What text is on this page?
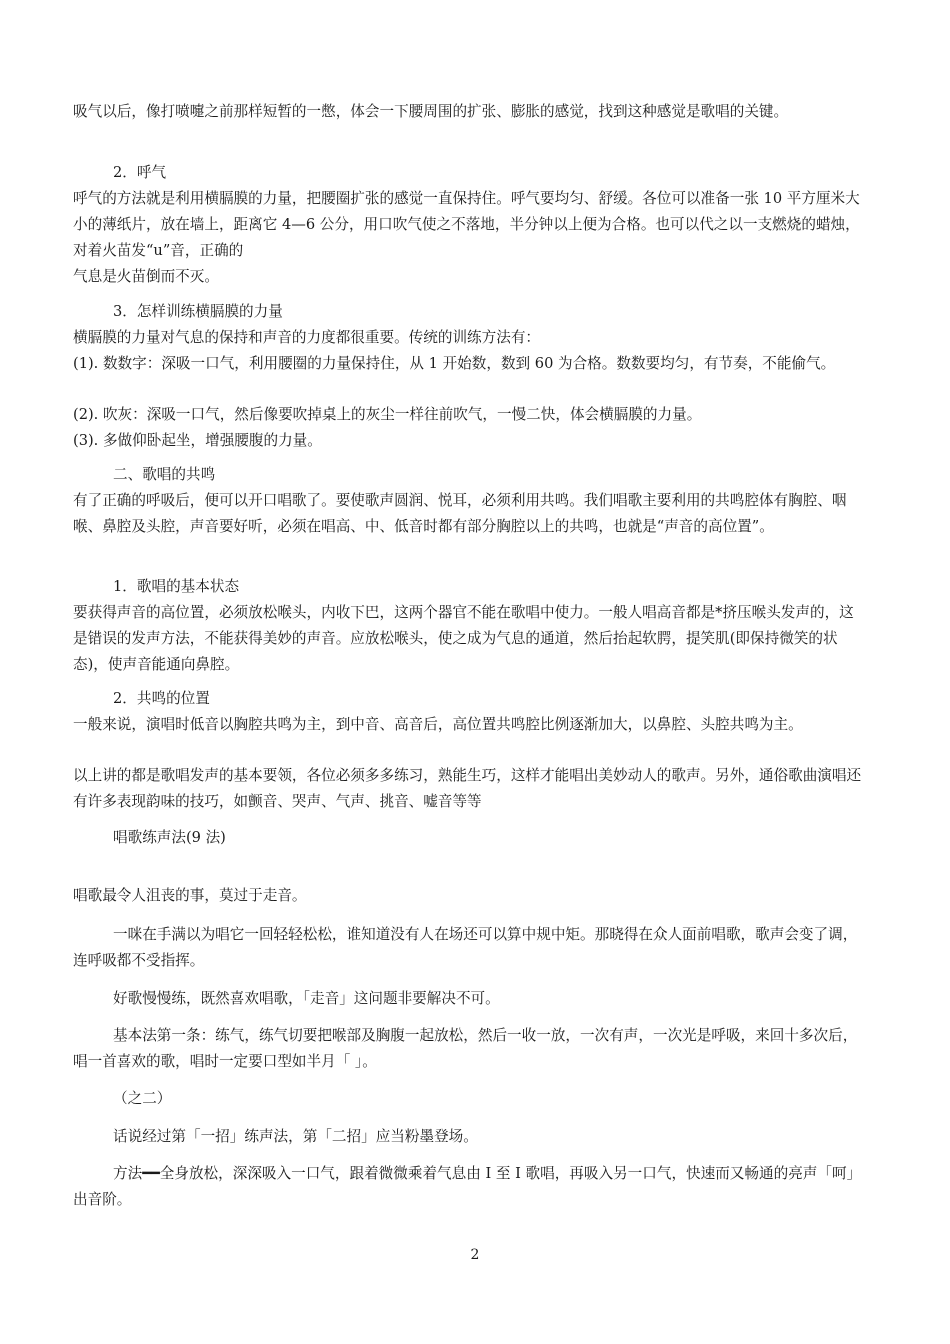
吸气以后，像打喷嚏之前那样短暂的一憋，体会一下腰周围的扩张、膨胀的感觉，找到这种感觉是歌唱的关键。

2．呼气

呼气的方法就是利用横膈膜的力量，把腰圈扩张的感觉一直保持住。呼气要均匀、舒缓。各位可以准备一张 10 平方厘米大小的薄纸片，放在墙上，距离它 4—6 公分，用口吹气使之不落地，半分钟以上便为合格。也可以代之以一支燃烧的蜡烛，对着火苗发“u”音，正确的

气息是火苗倒而不灭。

3．怎样训练横膈膜的力量

横膈膜的力量对气息的保持和声音的力度都很重要。传统的训练方法有：

(1). 数数字：深吸一口气，利用腰圈的力量保持住，从 1 开始数，数到 60 为合格。数数要均匀，有节奏，不能偷气。

(2). 吹灰：深吸一口气，然后像要吹掉桌上的灰尘一样往前吹气，一慢二快，体会横膈膜的力量。

(3). 多做仰卧起坐，增强腰腹的力量。

二、歌唱的共鸣

有了正确的呼吸后，便可以开口唱歌了。要使歌声圆润、悦耳，必须利用共鸣。我们唱歌主要利用的共鸣腔体有胸腔、咽喉、鼻腔及头腔，声音要好听，必须在唱高、中、低音时都有部分胸腔以上的共鸣，也就是“声音的高位置”。

1．歌唱的基本状态

要获得声音的高位置，必须放松喉头，内收下巴，这两个器官不能在歌唱中使力。一般人唱高音都是*挤压喉头发声的，这是错误的发声方法，不能获得美妙的声音。应放松喉头，使之成为气息的通道，然后抬起软腭，提笑肌(即保持微笑的状态)，使声音能通向鼻腔。

2．共鸣的位置

一般来说，演唱时低音以胸腔共鸣为主，到中音、高音后，高位置共鸣腔比例逐渐加大，以鼻腔、头腔共鸣为主。

以上讲的都是歌唱发声的基本要领，各位必须多多练习，熟能生巧，这样才能唱出美妙动人的歌声。另外，通俗歌曲演唱还有许多表现韵味的技巧，如颤音、哭声、气声、挑音、嘘音等等

唱歌练声法(9 法)

唱歌最令人沮丧的事，莫过于走音。

一咪在手满以为唱它一回轻轻松松，谁知道没有人在场还可以算中规中矩。那晓得在众人面前唱歌，歌声会变了调，连呼吸都不受指挥。

好歌慢慢练，既然喜欢唱歌，「走音」这问题非要解决不可。

基本法第一条：练气，练气切要把喉部及胸腹一起放松，然后一收一放，一次有声，一次光是呼吸，来回十多次后，唱一首喜欢的歌，唱时一定要口型如半月「 」。

（之二）

话说经过第「一招」练声法，第「二招」应当粉墨登场。

方法━━全身放松，深深吸入一口气，跟着微微乘着气息由 I 至 I 歌唱，再吸入另一口气，快速而又畅通的亮声「呵」出音阶。

2
